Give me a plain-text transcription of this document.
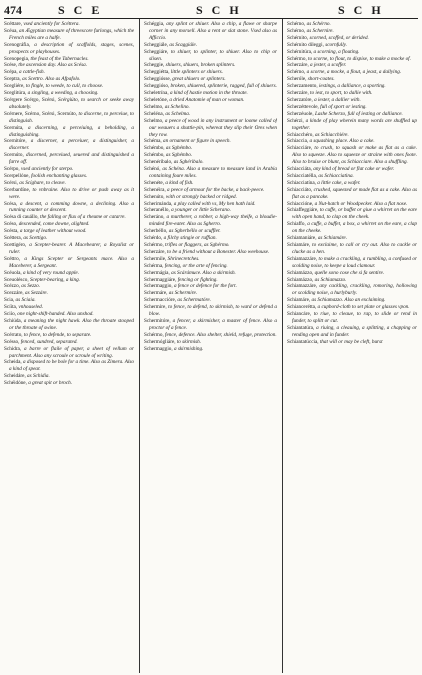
474	S C E	S C H	S C H

Scéttare, vsed anciently for Scéttera.

Scéua, an Ægyptian measure of threescore furlongs, which the French miles are a halfe.

Scenográfia, a description of scaffolds, stages, scenes, prospects or playhouses.

Scenopegia, the feast of the Tabernacles.

Scése, the ascension day. Also as Scésa.

Scépa, a cattle-fish.

Sceptra, as Scettro. Also as Afpafolo.

Scegliére, to fingle, to weede, to cull, to choose.

Sceglitúra, a singling, a weeding, a choosing.

Scérgere Scérgo, Scérsi, Scérgiúto, to search or seeke away absolutely.

Scérnere, Scérno, Scérsi, Scernúto, to discerne, to perceiue, to distinguish.

Scernúta, a discerning, a perceiuing, a beholding, a distinguishing.

Scernitóre, a discerner, a perceiuer, a distinguisher, a discerner.

Scernúto, discerned, perceiued, seuered and distinguished a farre off.

Scérpo, vsed anciently for sterpo.

Scerpellóne, foolish enchanting glasses.

Scérsi, as Scíghare, to cleave.

Scerbardíne, to vnbraine. Also to drive or push away as it were.

Scésa, a descent, a comming downe, a declining. Also a running counter or descent.

Scésa di cauállo, the falling or flux of a rheume or catarre.

Scéso, descended, come downe, alighted.

Scésta, a targe of leather without wood.

Scéttera, as Scettigo.

Scettigéro, a Scepter-bearer. A Macebearer, a Royalist or ruler.

Scéttro, a Kings Scepter or Sergeants mace. Also a Maceberer, a Sergeant.

Scéuola, a kind of very round apple.

Sceuolésco, Scepter-bearing, a king.

Scézzo, as Sezzo.

Scezzáre, as Sezzáre.

Scia, as Sciaia.

Scíita, vnhouseled.

Sciío, one night-shift-handed. Also unshod.

Schiúda, a meaning the night hawk. Also the throate stooped or the throate of swine.

Scérrato, to fence, to defende, to separate.

Scésso, fenced, sundred, separated.

Schidra, a barre or flaile of paper, a sheet of vellum or parchment. Also any scroule or scroule of writing.

Scheida, a disposed to be bole for a time. Also as Zimera. Also a kind of spear.

Scheidáre, as Schidia.

Schéidóne, a great spit or broch.

Schéggia, any splint or shiuer. Also a chip, a flawe or sharpe corner in any morsell. Also a rent or slat stone. Vsed also as Afficcio.

Scheggiále, as Scaggiále.

Scheggiáre, to shiuer, to splinter, to shiuer. Also to chip or slisen.

Scheggie, shiuers, shiuers, broken splinters.

Scheggiétta, little splinters or shiuers.

Scheggiósse, great shiuers or splinters.

Scheggióso, broken, shiuered, splinterie, ragged, full of shiuers.

Scheletrína, a kind of hastie motion in the throate.

Scheletóne, a dried Anatomie of man or woman.

Schelmo, as Schelino.

Scheléna, as Schelma.

Schelmo, a peece of wood in any instrument or loome called of our weauers a shuttle-pin, whereat they slip their Ores when they row.

Schéma, an ornament or figure in speech.

Schémbo, as Sghémbo.

Schémbo, as Sghémbo.

Schenéribalo, as Sghéribalo.

Schénó, as Schéna. Also a measure to measure land in Arabia containing foure miles.

Schenéte, a kind of fish.

Schenéira, a peece of armour for the backe, a back-peece.

Schenúto, with or strongly backed or ridged.

Scherimánda, a play called with vs, My hen hath laid.

Scheranéllo, a younger or little Scherano.

Scheráno, a murtherer, a robber, a high-way theife, a bloudie-minded fire-eater. Also as Sgherro.

Scherbéllo, as Sgherbéllo or scuffler.

Schérdo, a filchy stingie or ruffian.

Schérmo, trifles or flaggers, as Sghérmo.

Scherzáre, to be a friend without a Bonester. Also weehouse.

Schermile, Shrinecretches.

Schérma, fencing, or the arte of fencing.

Schermágia, as Scárámuce. Also a skirmish.

Schermaggiáre, fencing or fighting.

Schermaggio, a fence or defence for the fort.

Schermáre, as Schermire.

Schermaccióre, as Schermatóre.

Schermire, to fence, to defend, to skirmish, to ward or defend a blow.

Schermitóre, a fencer, a skirmisher, a master of fence. Also a proctor of a fence.

Schérmo, fence, defence. Also shelter, shield, refuge, protection.

Schermógliáre, to skirmish.

Schermaggio, a skirmishing.

Schérno, as Schérno.

Schérno, as Schernire.

Schérnito, scorned, scoffed, or derided.

Schérnito dileggi, scornfully.

Schérnitúra, a scorning, a flouting.

Schérmo, to scorne, to flout, to dispise, to make a mocke of.

Scherzáre, a jester, a scoffer.

Schérno, a scorne, a mocke, a flout, a jeast, a dallying.

Scheróle, short-coates.

Scherzamento, iestings, a dalliance, a sporting.

Scherzáre, to iest, to sport, to dallie with.

Scherzatóre, a iester, a dallier with.

Scherzéttevole, full of sport or iesting.

Scherzéuole, Lashe Scherzo, full of iesting or dalliance.

Schérzi, a kinde of play wherein many words are shuffled up together.

Schiacchéro, as Schiacchiére.

Schiaccia, a squashing place. Also a cake.

Schiacciáre, to crush, to squash or make as flat as a cake. Also to squeeze. Also to squeeze or straine with ones foote. Also to bruise or blunt, as Schiacciare. Also a shuffling.

Schiacciáta, any kind of bread or flat cake or wafer.

Schiacciatélla, as Schiacciatina.

Schiacciatína, a little cake, a wafer.

Schiacciáto, crushed, squeezed or made flat as a cake. Also as flat as a pancake.

Schiaccióne, a Nut-hatch or Woodpecker. Also a flat nose.

Schiaffeggiáre, to cuffe, or buffet or giue a whirret on the eare with open hand, to clap on the cheek.

Schiaffo, a cuffe, a buffet, a box, a whirret on the eare, a clap on the cheeke.

Schiamaniáre, as Schiamáre.

Schiamáre, to exclaime, to call or cry out. Also to cackle or clucke as a hen.

Schiamazzáre, to make a crackling, a rumbling, a confused or scolding noise, to keepe a loud clamour.

Schiamázzo, quelle sono cose che si fa sentire.

Schiamázzo, as Schiamazzo.

Schiamazzáre, any cackling, crackling, romoring, hollowing or scolding noise, a hurlyburly.

Schiamáre, as Schiamazzo. Also an exclaiming.

Schiancerétta, a cupbord-cloth to set plate or glasses vpon.

Schiancáre, to riue, to cleaue, to rap, to slide or rend in funder, to splitt or cut.

Schiantatúra, a riuing, a cleauing, a splitting, a chapping or rending open and in funder.

Schiantatúccia, that will or may be cleft, burst
